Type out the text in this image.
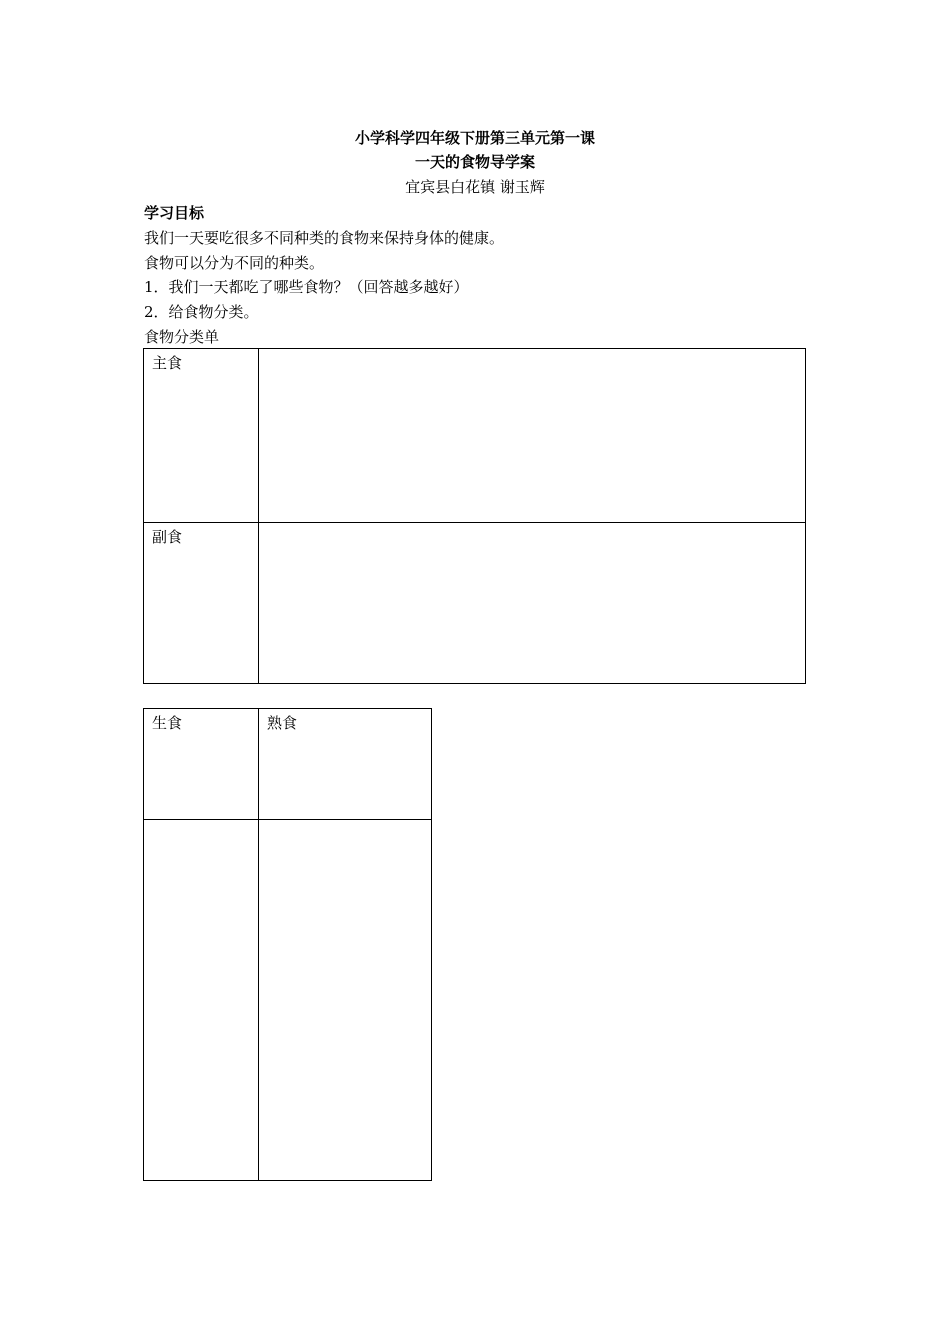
小学科学四年级下册第三单元第一课
一天的食物导学案
宜宾县白花镇 谢玉辉
学习目标
我们一天要吃很多不同种类的食物来保持身体的健康。
食物可以分为不同的种类。
1．我们一天都吃了哪些食物？（回答越多越好）
2．给食物分类。
食物分类单
主食	
副食	
生食	熟食
